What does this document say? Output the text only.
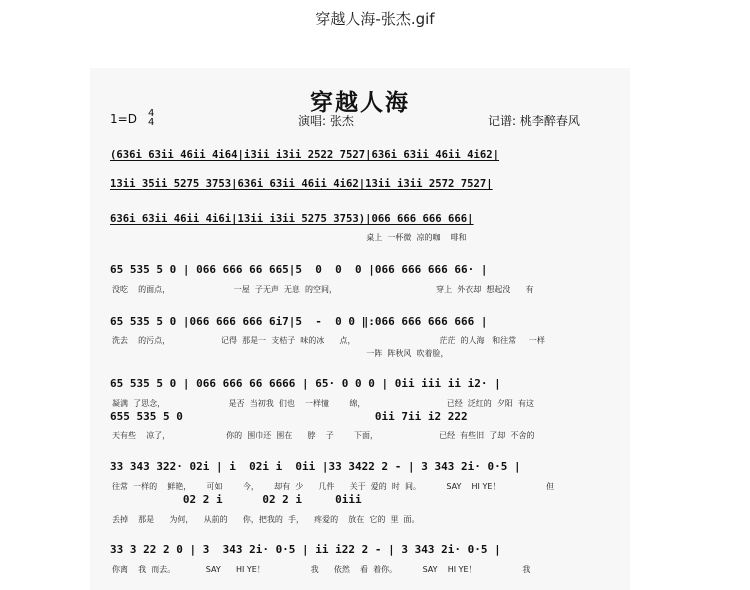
穿越人海-张杰.gif
穿越人海
1=D 4
4	演唱: 张杰	记谱: 桃李醉春风
(636i 63ii 46ii 4i64|i3ii i3ii 2522 7527|636i 63ii 46ii 4i62|
13ii 35ii 5275 3753|636i 63ii 46ii 4i62|13ii i3ii 2572 7527|
636i 63ii 46ii 4i6i|13ii i3ii 5275 3753)|066 666 666 666|
桌上  一杯微  凉的咖    啡和
65 535 5 0 | 066 666 66 665|5  0  0  0 |066 666 666 66· |
没吃    的面点，                         一屋  子无声  无息  的空间，                                       穿上  外衣却  想起没      有
65 535 5 0 |066 666 666 6i7|5  -  0 0 ‖:066 666 666 666 |
洗去    的污点，                    记得  那是一  支桔子  味的冰      点，                                 茫茫  的人海   和往常     一样
一阵  阵秋风  吹着脸，
65 535 5 0 | 066 666 66 6666 | 65· 0 0 0 | 0ii iii ii i2· |
凝满  了思念，                         是否  当初我  们也    一样憧        绵，                                已经  泛红的  夕阳  有这
655 535 5 0                             0ii 7ii i2 222
天有些    凉了，                      你的  围巾还  围在      脖    子        下面，                        已经  有些旧  了却  不舍的
33 343 322· 02i | i  02i i  0ii |33 3422 2 - | 3 343 2i· 0·5 |
往常  一样的    鲜艳，      可如        今，      却有  少      几件      关于  爱的  时  间。          SAY    HI YE！                  但
02 2 i      02 2 i     0iii
丢掉    那是      为何，    从前的      你，把我的  手，    疼爱的    放在  它的  里  面。
33 3 22 2 0 | 3  343 2i· 0·5 | ii i22 2 - | 3 343 2i· 0·5 |
你离    我  而去。            SAY      HI YE！                  我      依然    看  着你。          SAY    HI YE！                  我
